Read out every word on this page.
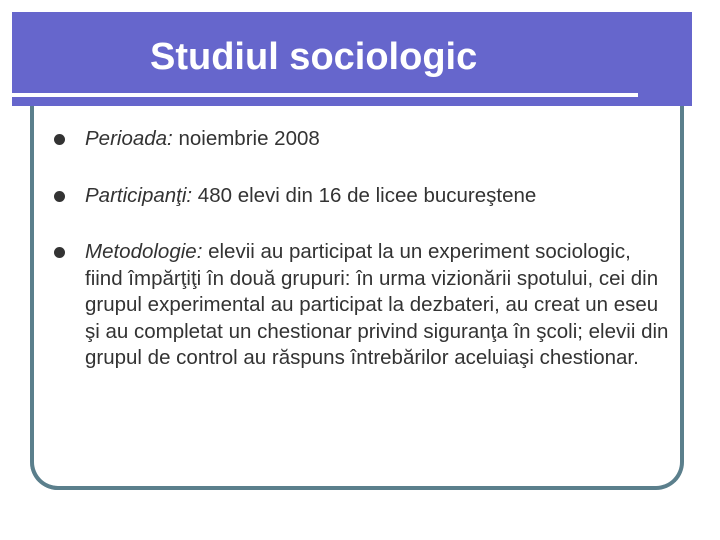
Studiul sociologic
Perioada: noiembrie 2008
Participanţi: 480 elevi din 16 de licee bucureştene
Metodologie: elevii au participat la un experiment sociologic, fiind împărţiţi în două grupuri: în urma vizionării spotului, cei din grupul experimental au participat la dezbateri, au creat un eseu şi au completat un chestionar privind siguranţa în şcoli; elevii din grupul de control au răspuns întrebărilor aceluiaşi chestionar.
